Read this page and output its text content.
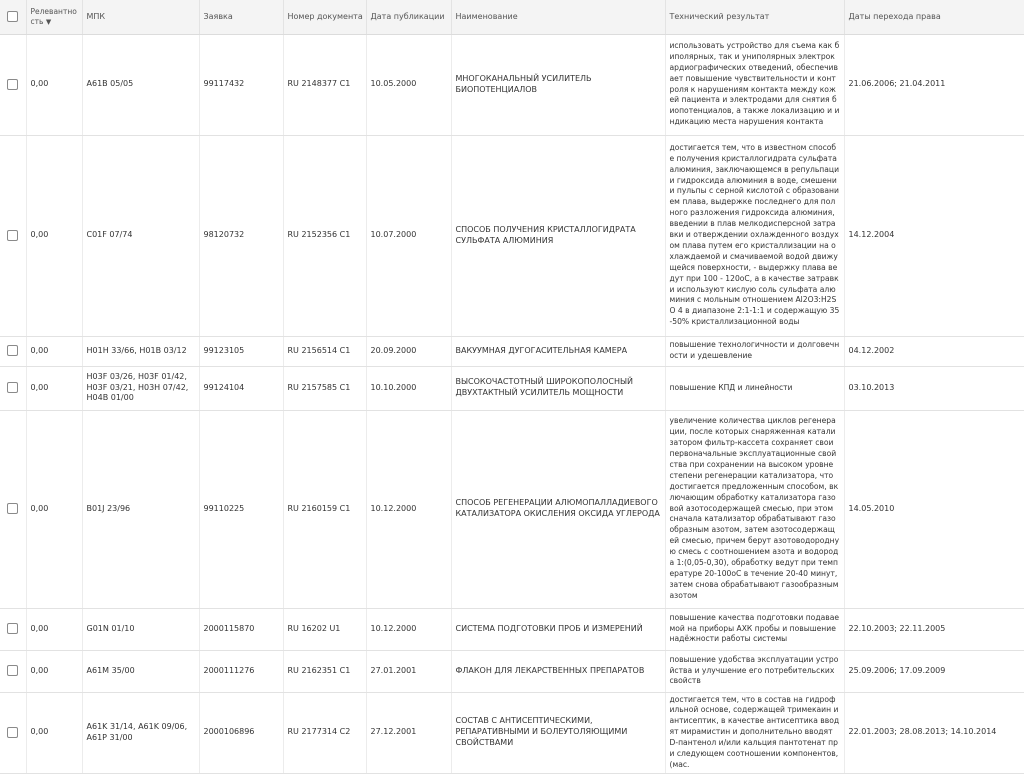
	Релевантно
сть ▼	МПК	Заявка	Номер документа	Дата публикации	Наименование	Технический результат	Даты перехода права
	0,00	A61B 05/05	99117432	RU 2148377 C1	10.05.2000	МНОГОКАНАЛЬНЫЙ УСИЛИТЕЛЬ БИОПОТЕНЦИАЛОВ	использовать устройство для съема как биполярных, так и униполярных электрокардиографических отведений, обеспечивает повышение чувствительности и контроля к нарушениям контакта между кожей пациента и электродами для снятия биопотенциалов, а также локализацию и индикацию места нарушения контакта	21.06.2006; 21.04.2011
	0,00	C01F 07/74	98120732	RU 2152356 C1	10.07.2000	СПОСОБ ПОЛУЧЕНИЯ КРИСТАЛЛОГИДРАТА СУЛЬФАТА АЛЮМИНИЯ	достигается тем, что в известном способе получения кристаллогидрата сульфата алюминия, заключающемся в репульпации гидроксида алюминия в воде, смешении пульпы с серной кислотой с образованием плава, выдержке последнего для полного разложения гидроксида алюминия, введении в плав мелкодисперсной затравки и отверждении охлажденного воздухом плава путем его кристаллизации на охлаждаемой и смачиваемой водой движущейся поверхности, - выдержку плава ведут при 100 - 120оС, а в качестве затравки используют кислую соль сульфата алюминия с мольным отношением Al2O3:H2SO 4 в диапазоне 2:1-1:1 и содержащую 35-50% кристаллизационной воды	14.12.2004
	0,00	H01H 33/66, H01B 03/12	99123105	RU 2156514 C1	20.09.2000	ВАКУУМНАЯ ДУГОГАСИТЕЛЬНАЯ КАМЕРА	повышение технологичности и долговечности и удешевление	04.12.2002
	0,00	H03F 03/26, H03F 01/42, H03F 03/21, H03H 07/42, H04B 01/00	99124104	RU 2157585 C1	10.10.2000	ВЫСОКОЧАСТОТНЫЙ ШИРОКОПОЛОСНЫЙ ДВУХТАКТНЫЙ УСИЛИТЕЛЬ МОЩНОСТИ	повышение КПД и линейности	03.10.2013
	0,00	B01J 23/96	99110225	RU 2160159 C1	10.12.2000	СПОСОБ РЕГЕНЕРАЦИИ АЛЮМОПАЛЛАДИЕВОГО КАТАЛИЗАТОРА ОКИСЛЕНИЯ ОКСИДА УГЛЕРОДА	увеличение количества циклов регенерации, после которых снаряженная катализатором фильтр-кассета сохраняет свои первоначальные эксплуатационные свойства при сохранении на высоком уровне степени регенерации катализатора, что достигается предложенным способом, включающим обработку катализатора газовой азотосодержащей смесью, при этом сначала катализатор обрабатывают газообразным азотом, затем азотосодержащей смесью, причем берут азотоводородную смесь с соотношением азота и водорода 1:(0,05-0,30), обработку ведут при температуре 20-100оС в течение 20-40 минут, затем снова обрабатывают газообразным азотом	14.05.2010
	0,00	G01N 01/10	2000115870	RU 16202 U1	10.12.2000	СИСТЕМА ПОДГОТОВКИ ПРОБ И ИЗМЕРЕНИЙ	повышение качества подготовки подаваемой на приборы АХК пробы и повышение надёжности работы системы	22.10.2003; 22.11.2005
	0,00	A61M 35/00	2000111276	RU 2162351 C1	27.01.2001	ФЛАКОН ДЛЯ ЛЕКАРСТВЕННЫХ ПРЕПАРАТОВ	повышение удобства эксплуатации устройства и улучшение его потребительских свойств	25.09.2006; 17.09.2009
	0,00	A61K 31/14, A61K 09/06, A61P 31/00	2000106896	RU 2177314 C2	27.12.2001	СОСТАВ С АНТИСЕПТИЧЕСКИМИ, РЕПАРАТИВНЫМИ И БОЛЕУТОЛЯЮЩИМИ СВОЙСТВАМИ	достигается тем, что в состав на гидрофильной основе, содержащей тримекаин и антисептик, в качестве антисептика вводят мирамистин и дополнительно вводят D-пантенол и/или кальция пантотенат при следующем соотношении компонентов, (мас.	22.01.2003; 28.08.2013; 14.10.2014
